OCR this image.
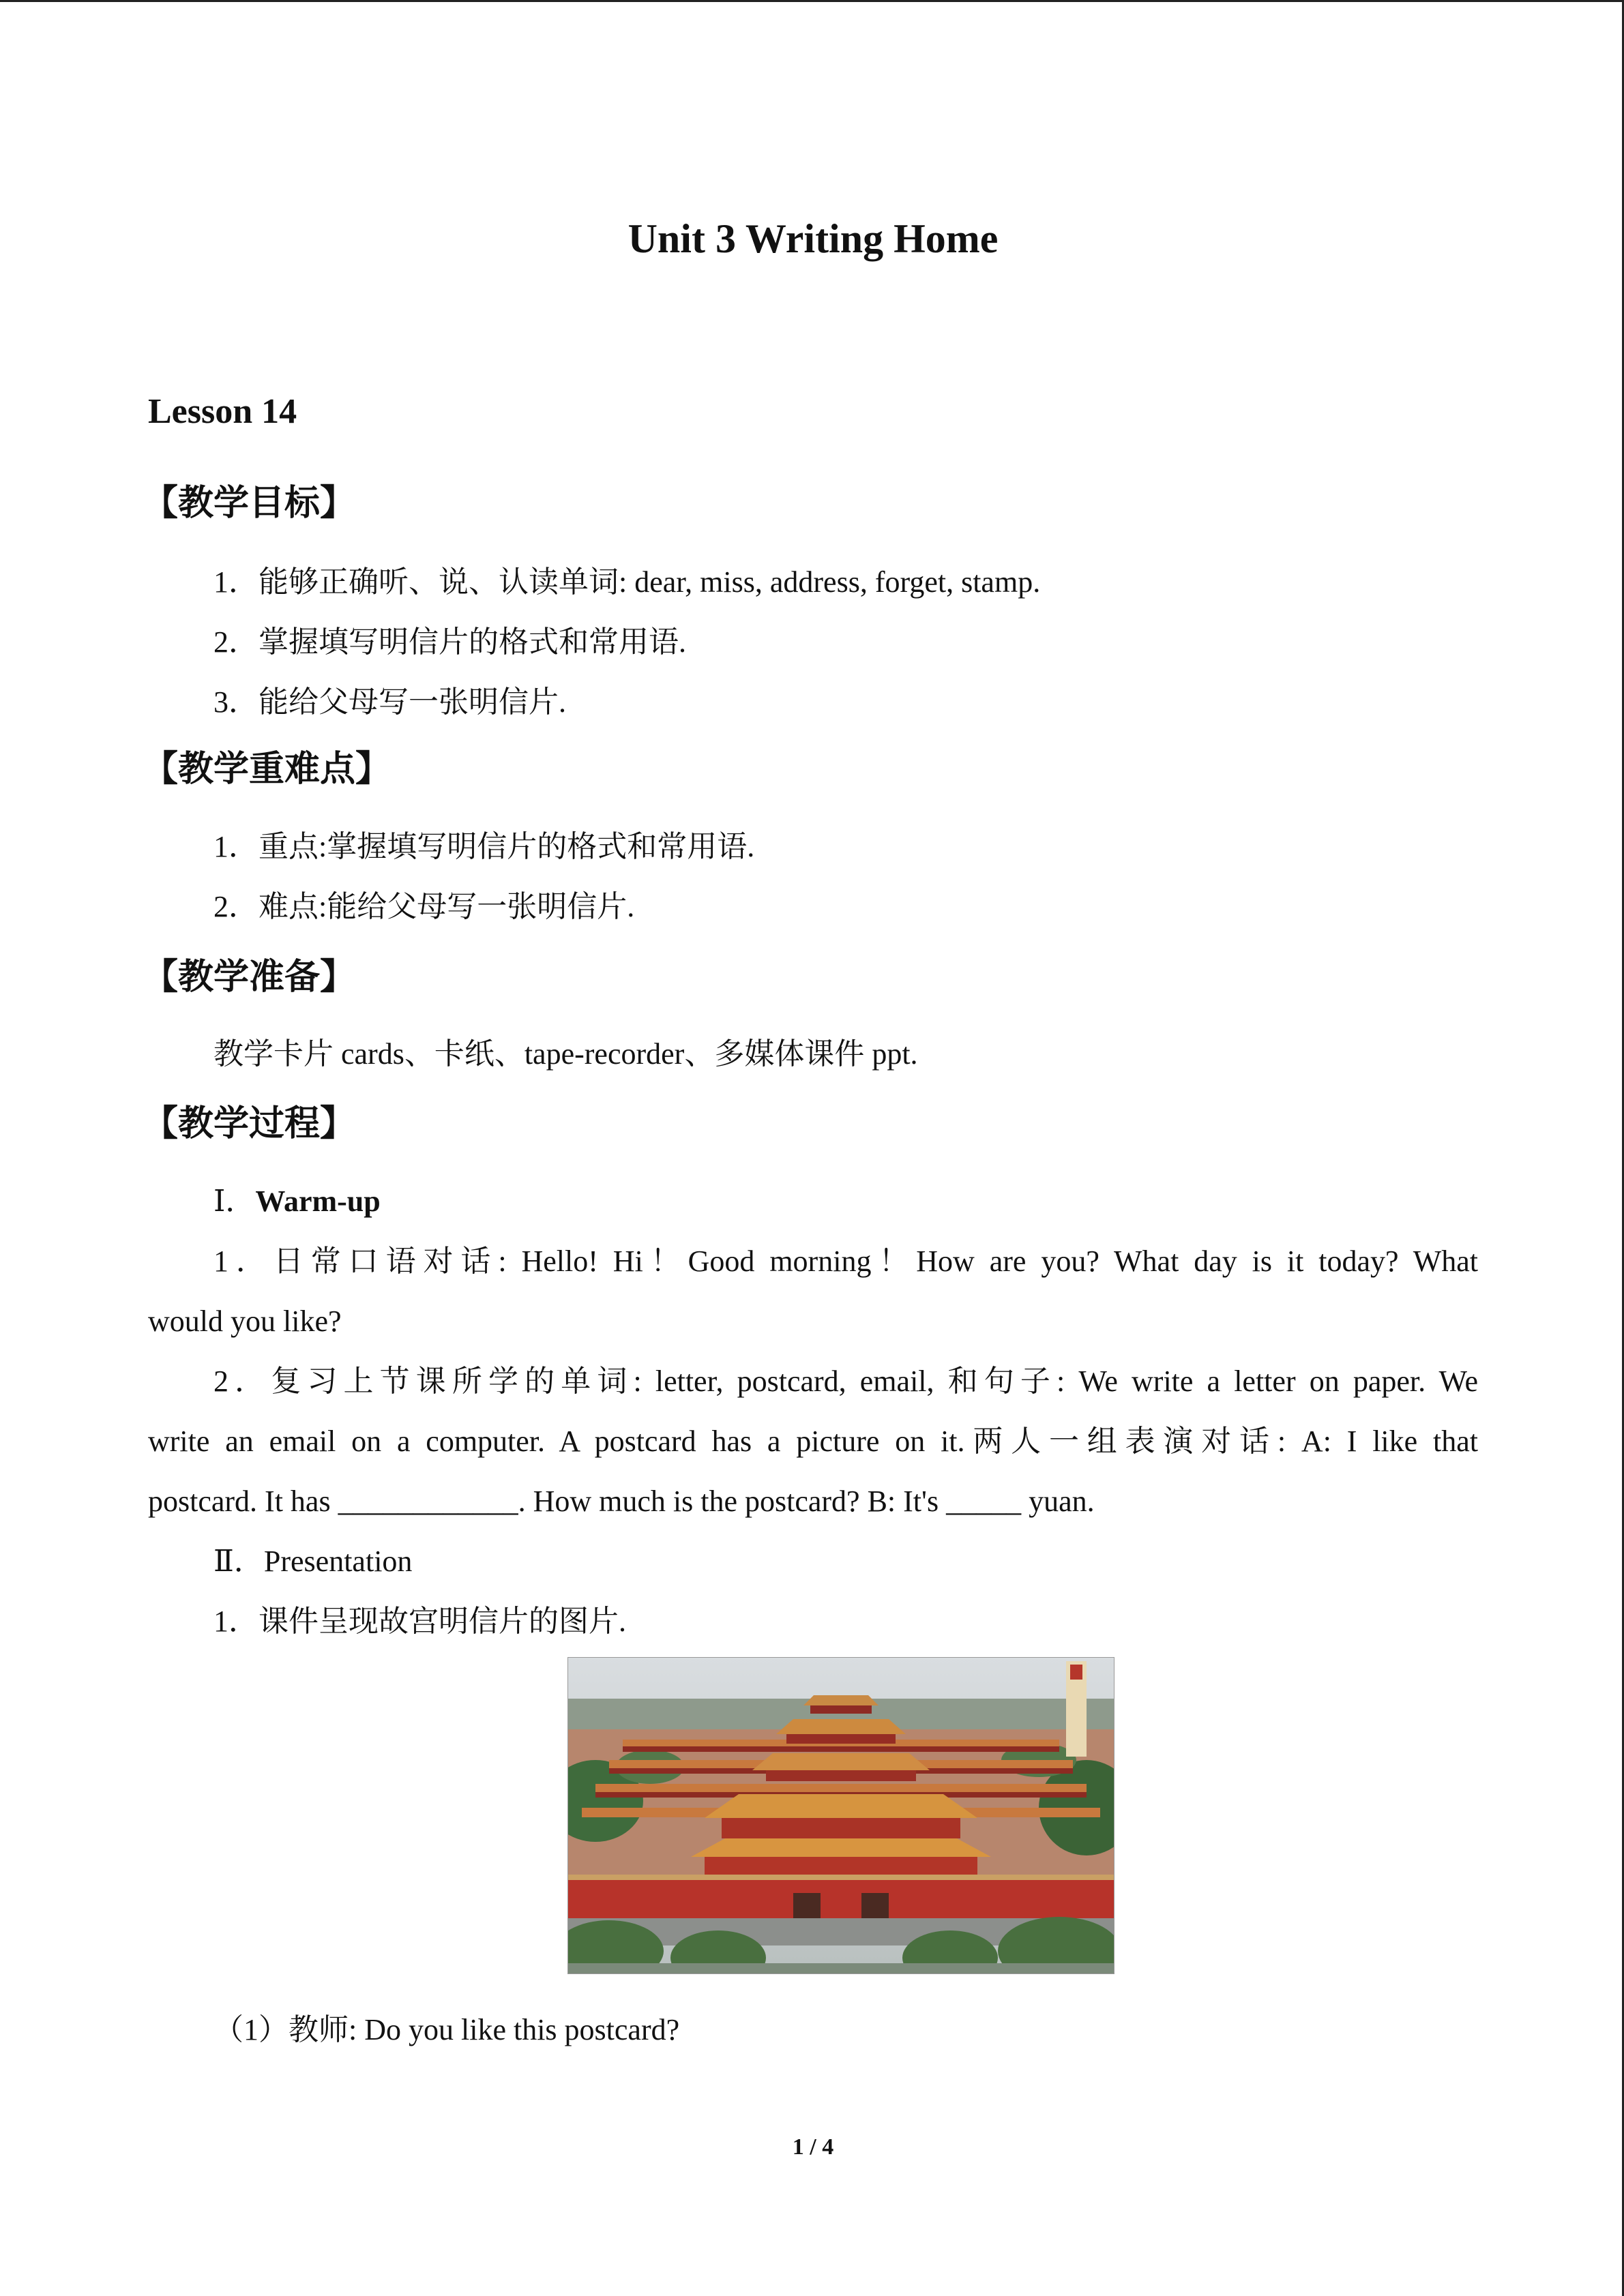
Unit 3 Writing Home
Lesson 14
【教学目标】
1．能够正确听、说、认读单词: dear, miss, address, forget, stamp.
2．掌握填写明信片的格式和常用语.
3．能给父母写一张明信片.
【教学重难点】
1．重点:掌握填写明信片的格式和常用语.
2．难点:能给父母写一张明信片.
【教学准备】
教学卡片 cards、卡纸、tape-recorder、多媒体课件 ppt.
【教学过程】
Ⅰ．Warm-up
1．日常口语对话: Hello! Hi！Good morning！How are you? What day is it today? What
would you like?
2．复习上节课所学的单词: letter, postcard, email, 和句子: We write a letter on paper. We
write an email on a computer. A postcard has a picture on it.两人一组表演对话: A: I like that
postcard. It has ____________. How much is the postcard? B: It's _____ yuan.
Ⅱ．Presentation
1．课件呈现故宫明信片的图片.
（1）教师: Do you like this postcard?
1 / 4
